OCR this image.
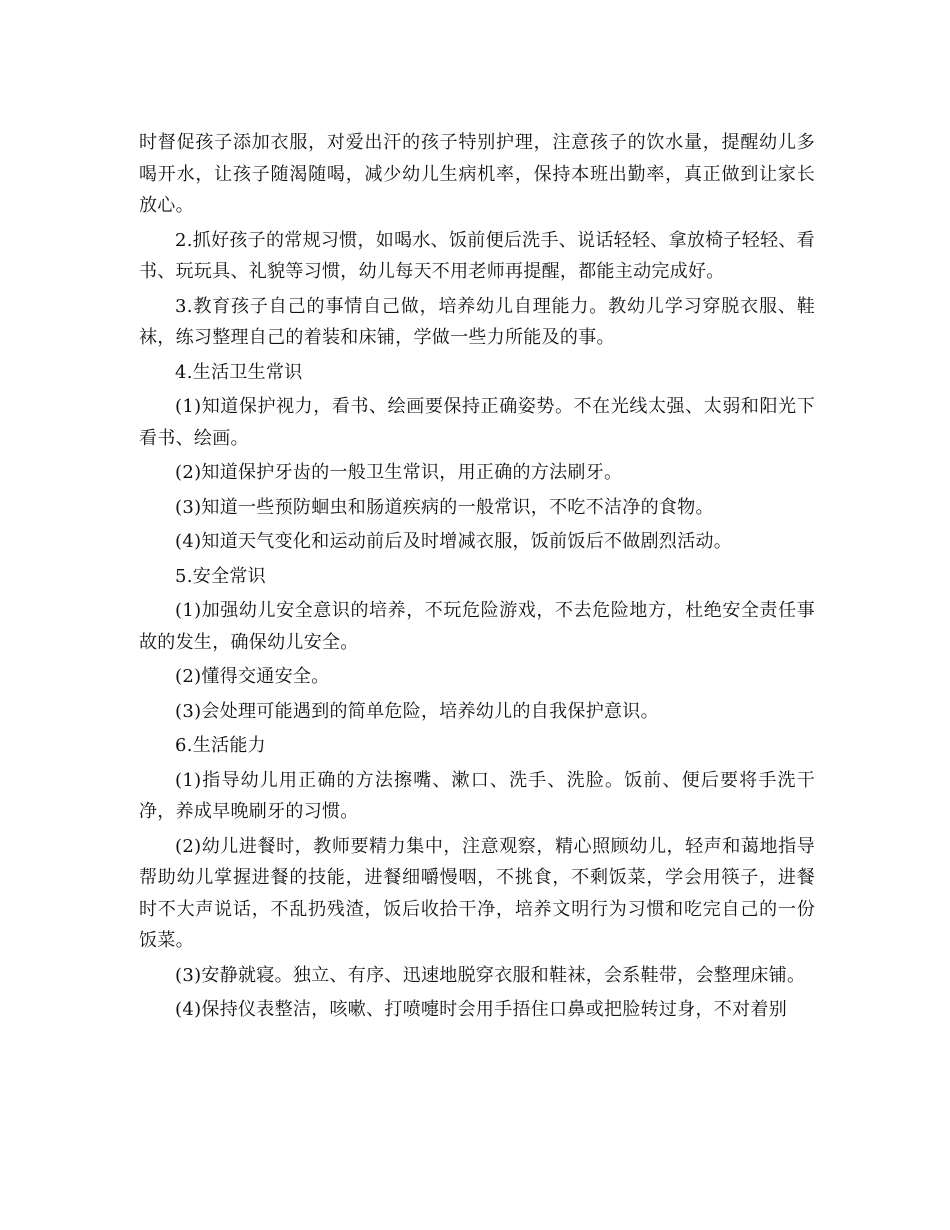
时督促孩子添加衣服，对爱出汗的孩子特别护理，注意孩子的饮水量，提醒幼儿多喝开水，让孩子随渴随喝，减少幼儿生病机率，保持本班出勤率，真正做到让家长放心。

2.抓好孩子的常规习惯，如喝水、饭前便后洗手、说话轻轻、拿放椅子轻轻、看书、玩玩具、礼貌等习惯，幼儿每天不用老师再提醒，都能主动完成好。

3.教育孩子自己的事情自己做，培养幼儿自理能力。教幼儿学习穿脱衣服、鞋袜，练习整理自己的着装和床铺，学做一些力所能及的事。

4.生活卫生常识

(1)知道保护视力，看书、绘画要保持正确姿势。不在光线太强、太弱和阳光下看书、绘画。

(2)知道保护牙齿的一般卫生常识，用正确的方法刷牙。

(3)知道一些预防蛔虫和肠道疾病的一般常识，不吃不洁净的食物。

(4)知道天气变化和运动前后及时增减衣服，饭前饭后不做剧烈活动。

5.安全常识

(1)加强幼儿安全意识的培养，不玩危险游戏，不去危险地方，杜绝安全责任事故的发生，确保幼儿安全。

(2)懂得交通安全。

(3)会处理可能遇到的简单危险，培养幼儿的自我保护意识。

6.生活能力

(1)指导幼儿用正确的方法擦嘴、漱口、洗手、洗脸。饭前、便后要将手洗干净，养成早晚刷牙的习惯。

(2)幼儿进餐时，教师要精力集中，注意观察，精心照顾幼儿，轻声和蔼地指导帮助幼儿掌握进餐的技能，进餐细嚼慢咽，不挑食，不剩饭菜，学会用筷子，进餐时不大声说话，不乱扔残渣，饭后收拾干净，培养文明行为习惯和吃完自己的一份饭菜。

(3)安静就寝。独立、有序、迅速地脱穿衣服和鞋袜，会系鞋带，会整理床铺。

(4)保持仪表整洁，咳嗽、打喷嚏时会用手捂住口鼻或把脸转过身，不对着别
